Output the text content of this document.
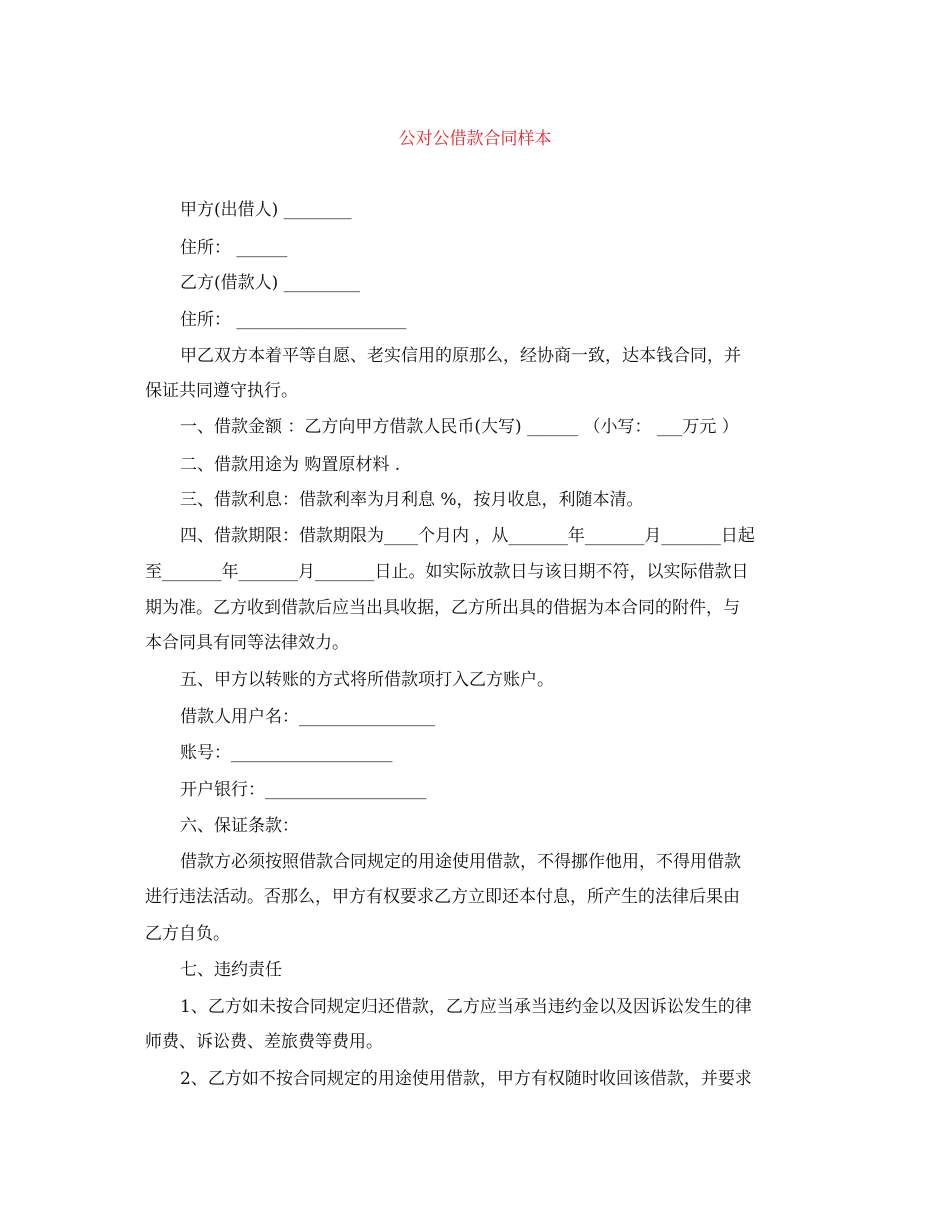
公对公借款合同样本
甲方(出借人) ________
住所： ______
乙方(借款人) _________
住所： ____________________
甲乙双方本着平等自愿、老实信用的原那么，经协商一致，达本钱合同，并
保证共同遵守执行。
一、借款金额 ：乙方向甲方借款人民币(大写) ______ （小写： ___万元 ）
二、借款用途为 购置原材料 .
三、借款利息：借款利率为月利息 %，按月收息，利随本清。
四、借款期限：借款期限为____个月内 ，从_______年_______月_______日起
至_______年_______月_______日止。如实际放款日与该日期不符，以实际借款日
期为准。乙方收到借款后应当出具收据，乙方所出具的借据为本合同的附件，与
本合同具有同等法律效力。
五、甲方以转账的方式将所借款项打入乙方账户。
借款人用户名：________________
账号：___________________
开户银行：___________________
六、保证条款：
借款方必须按照借款合同规定的用途使用借款，不得挪作他用，不得用借款
进行违法活动。否那么，甲方有权要求乙方立即还本付息，所产生的法律后果由
乙方自负。
七、违约责任
1、乙方如未按合同规定归还借款，乙方应当承当违约金以及因诉讼发生的律
师费、诉讼费、差旅费等费用。
2、乙方如不按合同规定的用途使用借款，甲方有权随时收回该借款，并要求
